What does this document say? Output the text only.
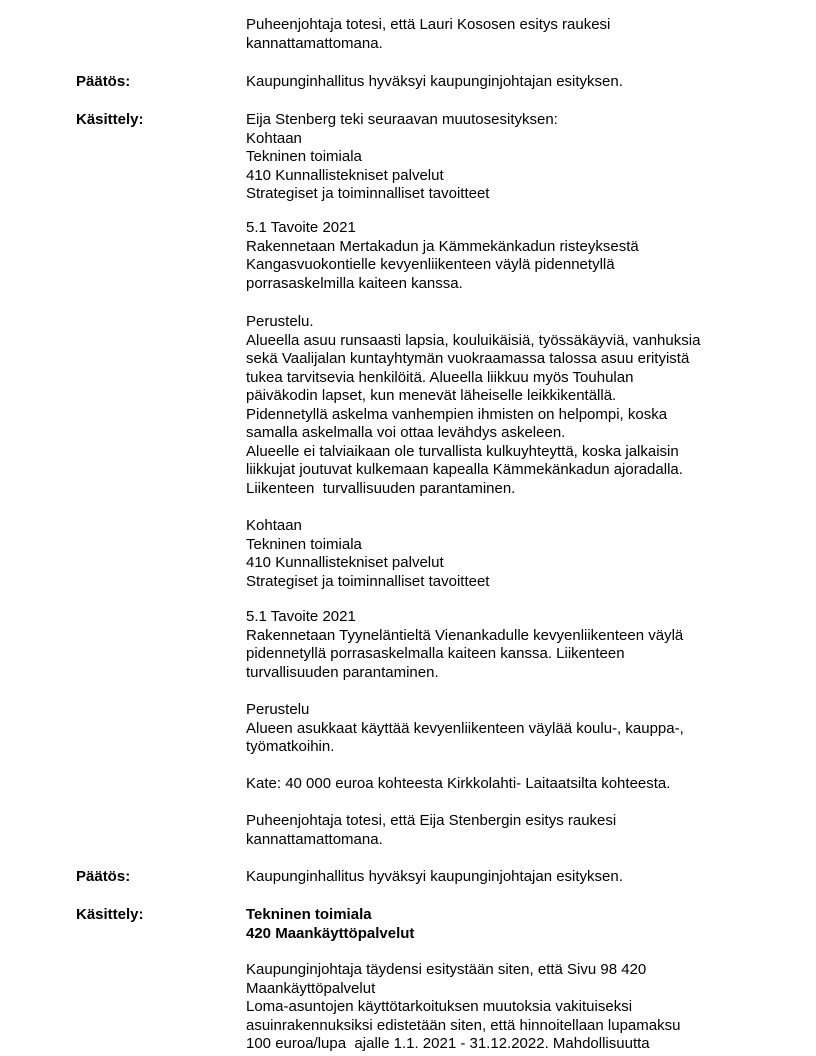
Puheenjohtaja totesi, että Lauri Kososen esitys raukesi
kannattamattomana.
Päätös:	Kaupunginhallitus hyväksyi kaupunginjohtajan esityksen.
Käsittely:	Eija Stenberg teki seuraavan muutosesityksen:
Kohtaan
Tekninen toimiala
410 Kunnallistekniset palvelut
Strategiset ja toiminnalliset tavoitteet
5.1 Tavoite 2021
Rakennetaan Mertakadun ja Kämmekänkadun risteyksestä
Kangasvuokontielle kevyenliikenteen väylä pidennetyllä
porrasaskelmilla kaiteen kanssa.
Perustelu.
Alueella asuu runsaasti lapsia, kouluikäisiä, työssäkäyviä, vanhuksia
sekä Vaalijalan kuntayhtymän vuokraamassa talossa asuu erityistä
tukea tarvitsevia henkilöitä. Alueella liikkuu myös Touhulan
päiväkodin lapset, kun menevät läheiselle leikkikentällä.
Pidennetyllä askelma vanhempien ihmisten on helpompi, koska
samalla askelmalla voi ottaa levähdys askeleen.
Alueelle ei talviaikaan ole turvallista kulkuyhteyttä, koska jalkaisin
liikkujat joutuvat kulkemaan kapealla Kämmekänkadun ajoradalla.
Liikenteen  turvallisuuden parantaminen.
Kohtaan
Tekninen toimiala
410 Kunnallistekniset palvelut
Strategiset ja toiminnalliset tavoitteet
5.1 Tavoite 2021
Rakennetaan Tyyneläntieltä Vienankadulle kevyenliikenteen väylä
pidennetyllä porrasaskelmalla kaiteen kanssa. Liikenteen
turvallisuuden parantaminen.
Perustelu
Alueen asukkaat käyttää kevyenliikenteen väylää koulu-, kauppa-,
työmatkoihin.
Kate: 40 000 euroa kohteesta Kirkkolahti- Laitaatsilta kohteesta.
Puheenjohtaja totesi, että Eija Stenbergin esitys raukesi
kannattamattomana.
Päätös:	Kaupunginhallitus hyväksyi kaupunginjohtajan esityksen.
Käsittely:	Tekninen toimiala
420 Maankäyttöpalvelut
Kaupunginjohtaja täydensi esitystään siten, että Sivu 98 420
Maankäyttöpalvelut
Loma-asuntojen käyttötarkoituksen muutoksia vakituiseksi
asuinrakennuksiksi edistetään siten, että hinnoitellaan lupamaksu
100 euroa/lupa  ajalle 1.1. 2021 - 31.12.2022. Mahdollisuutta
